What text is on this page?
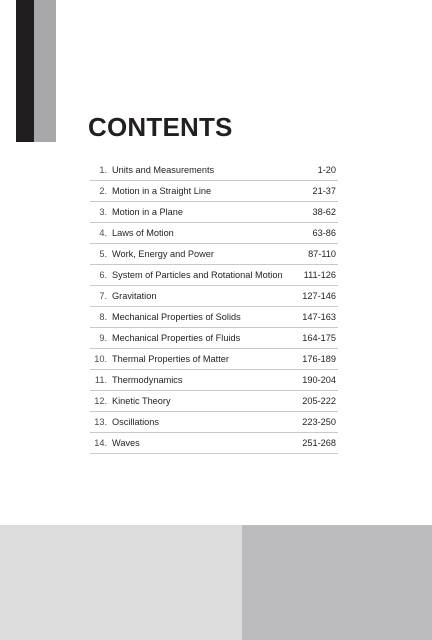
CONTENTS
1. Units and Measurements	1-20
2. Motion in a Straight Line	21-37
3. Motion in a Plane	38-62
4. Laws of Motion	63-86
5. Work, Energy and Power	87-110
6. System of Particles and Rotational Motion	111-126
7. Gravitation	127-146
8. Mechanical Properties of Solids	147-163
9. Mechanical Properties of Fluids	164-175
10. Thermal Properties of Matter	176-189
11. Thermodynamics	190-204
12. Kinetic Theory	205-222
13. Oscillations	223-250
14. Waves	251-268
